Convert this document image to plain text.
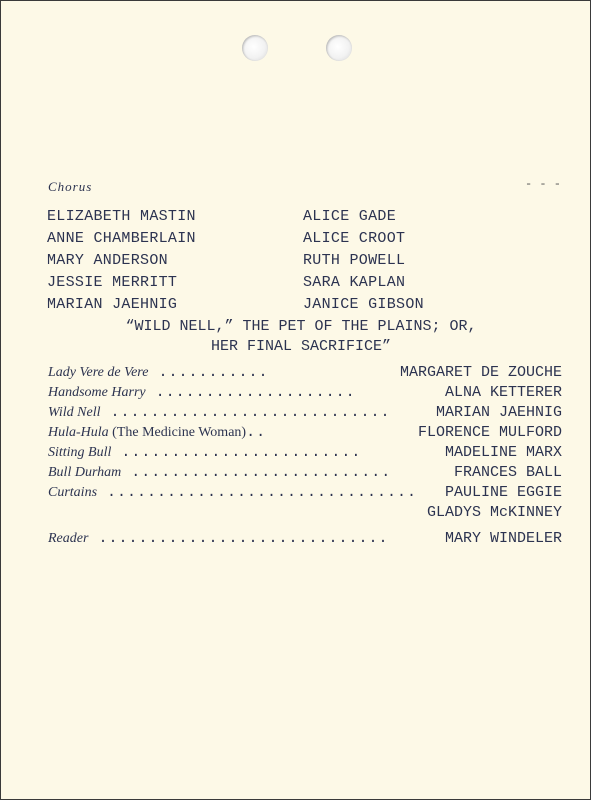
Chorus	- - -
ELIZABETH MASTIN	ALICE GADE
ANNE CHAMBERLAIN	ALICE CROOT
MARY ANDERSON	RUTH POWELL
JESSIE MERRITT	SARA KAPLAN
MARIAN JAEHNIG	JANICE GIBSON
“WILD NELL,” THE PET OF THE PLAINS; OR,
HER FINAL SACRIFICE”
Lady Vere de Vere ...........	MARGARET DE ZOUCHE
Handsome Harry ....................	ALNA KETTERER
Wild Nell ............................	MARIAN JAEHNIG
Hula-Hula (The Medicine Woman)..	FLORENCE MULFORD
Sitting Bull ........................	MADELINE MARX
Bull Durham ..........................	FRANCES BALL
Curtains ............................... PAULINE EGGIE
GLADYS McKINNEY
Reader .............................	MARY WINDELER
